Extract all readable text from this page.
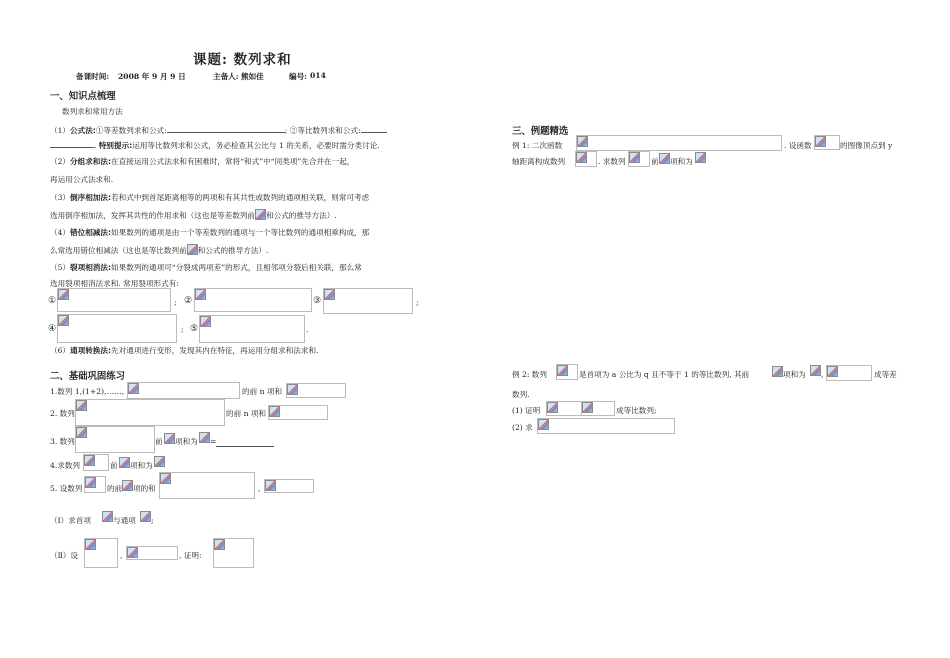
课题: 数列求和
备课时间: 2008 年 9 月 9 日	主备人: 熊如佳	编号: 014
一、知识点梳理
数列求和常用方法
（1）公式法:①等差数列求和公式:	; ②等比数列求和公式:
. 特别提示:运用等比数列求和公式，务必检查其公比与 1 的关系，必要时需分类讨论.
（2）分组求和法:在直接运用公式法求和有困难时，常将“和式”中“同类项”先合并在一起，
再运用公式法求和.
（3）倒序相加法:若和式中到首尾距离相等的两项和有其共性或数列的通项相关联，则常可考虑
选用倒序相加法，发挥其共性的作用求和（这也是等差数列前 和公式的推导方法）.
（4）错位相减法:如果数列的通项是由一个等差数列的通项与一个等比数列的通项相乘构成，那
么常选用错位相减法（这也是等比数列前 和公式的推导方法）.
（5）裂项相消法:如果数列的通项可“分裂成两项差”的形式，且相邻项分裂后相关联，那么常
选用裂项相消法求和. 常用裂项形式有:
①	; ②	③	;
④	; ⑤	.
（6）通项转换法:先对通项进行变形，发现其内在特征，再运用分组求和法求和.
二、基础巩固练习
1.数列 1,(1+2),……,	的前 n 项和
2. 数列	的前 n 项和
3. 数列	前 项和为 =
4.求数列	前 项和为
5. 设数列	的前 项的和	,
（Ⅰ）求首项	与通项 ;
（Ⅱ）设	,	, 证明:
三、例题精选
例 1: 二次函数	. 设函数	的图像顶点到 y
轴距离构成数列	. 求数列	前 项和为
例 2: 数列	是首项为 a 公比为 q 且不等于 1 的等比数列, 其前	项和为 ,	成等差
数列.
(1) 证明	成等比数列;
(2) 求
